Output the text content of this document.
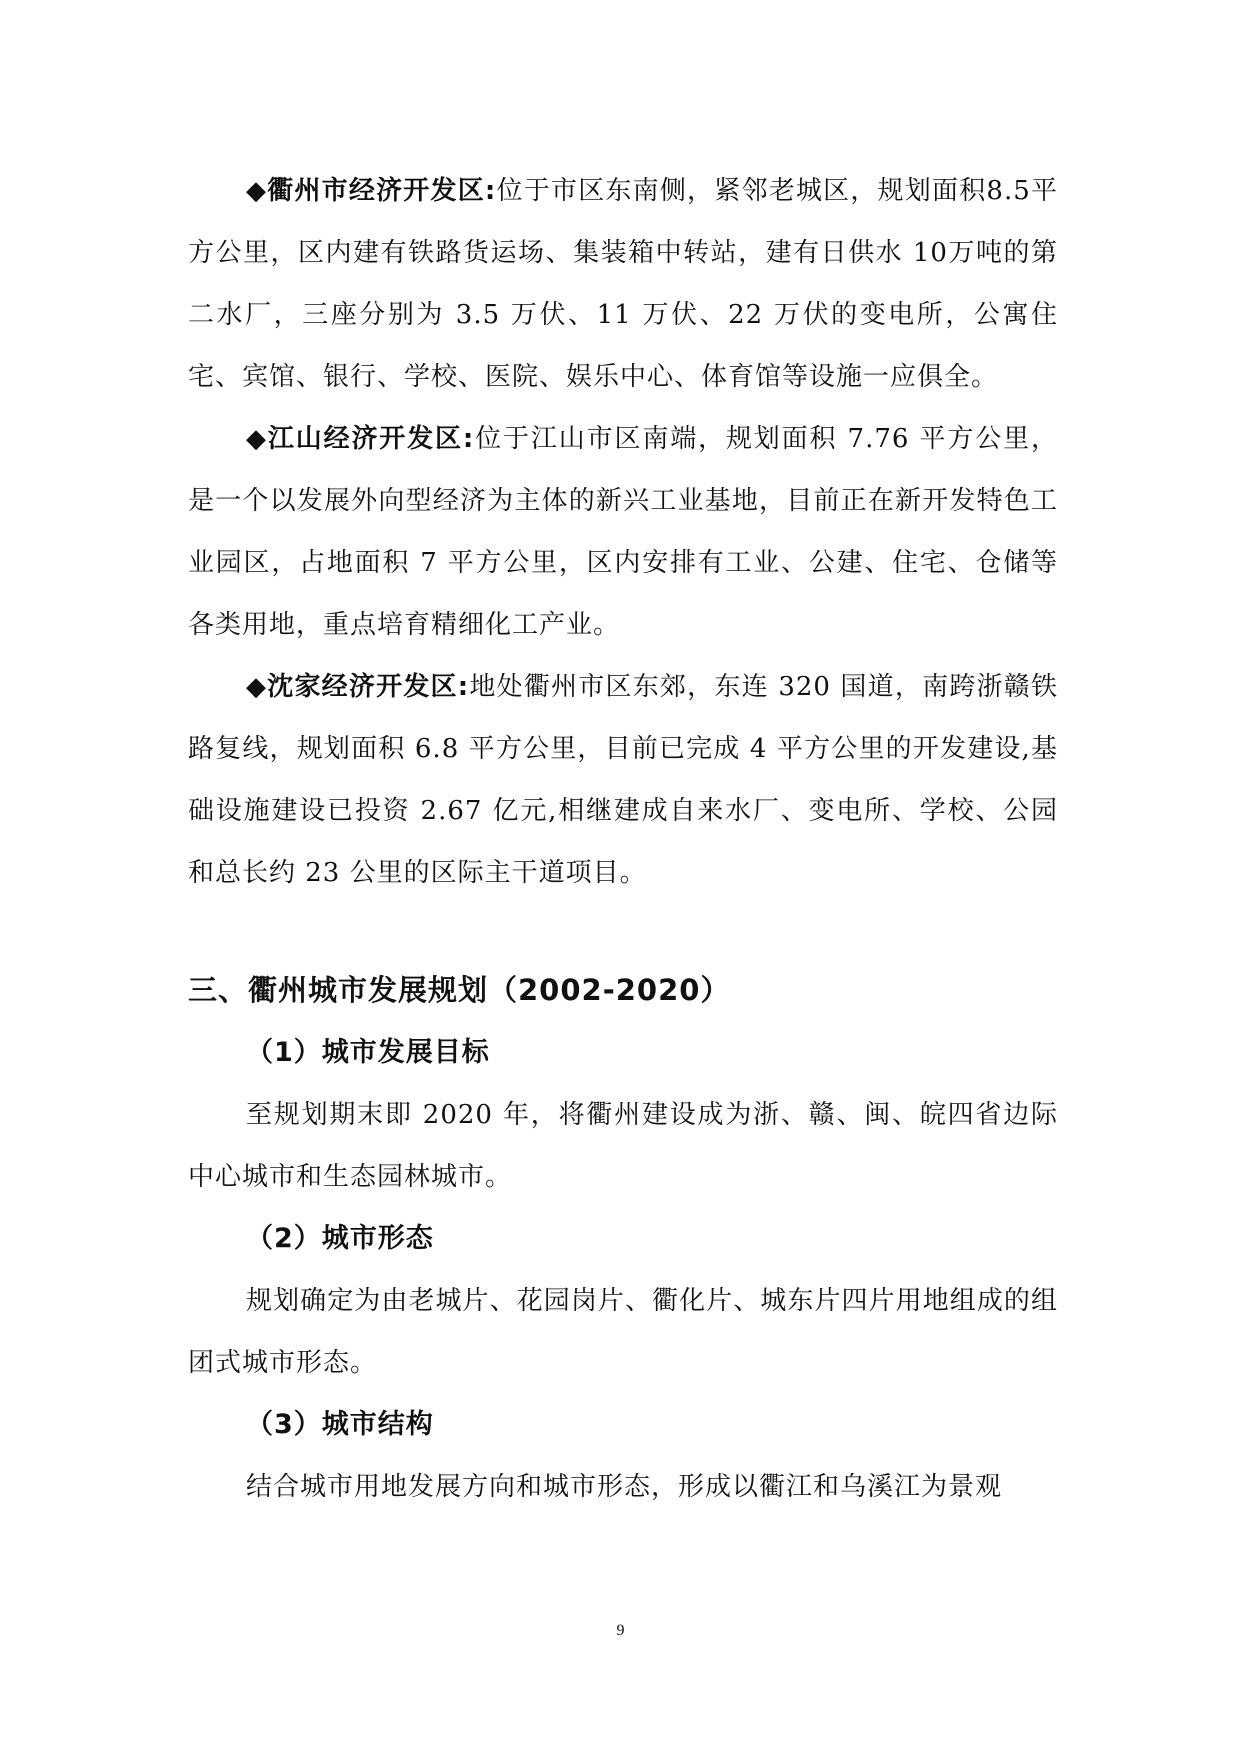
◆衢州市经济开发区:位于市区东南侧，紧邻老城区，规划面积8.5平方公里，区内建有铁路货运场、集装箱中转站，建有日供水 10万吨的第二水厂，三座分别为 3.5 万伏、11 万伏、22 万伏的变电所，公寓住宅、宾馆、银行、学校、医院、娱乐中心、体育馆等设施一应俱全。

◆江山经济开发区:位于江山市区南端，规划面积 7.76 平方公里，是一个以发展外向型经济为主体的新兴工业基地，目前正在新开发特色工业园区，占地面积 7 平方公里，区内安排有工业、公建、住宅、仓储等各类用地，重点培育精细化工产业。

◆沈家经济开发区:地处衢州市区东郊，东连 320 国道，南跨浙赣铁路复线，规划面积 6.8 平方公里，目前已完成 4 平方公里的开发建设,基础设施建设已投资 2.67 亿元,相继建成自来水厂、变电所、学校、公园和总长约 23 公里的区际主干道项目。

三、衢州城市发展规划（2002-2020）
（1）城市发展目标

至规划期末即 2020 年，将衢州建设成为浙、赣、闽、皖四省边际中心城市和生态园林城市。

（2）城市形态

规划确定为由老城片、花园岗片、衢化片、城东片四片用地组成的组团式城市形态。

（3）城市结构

结合城市用地发展方向和城市形态，形成以衢江和乌溪江为景观

9
